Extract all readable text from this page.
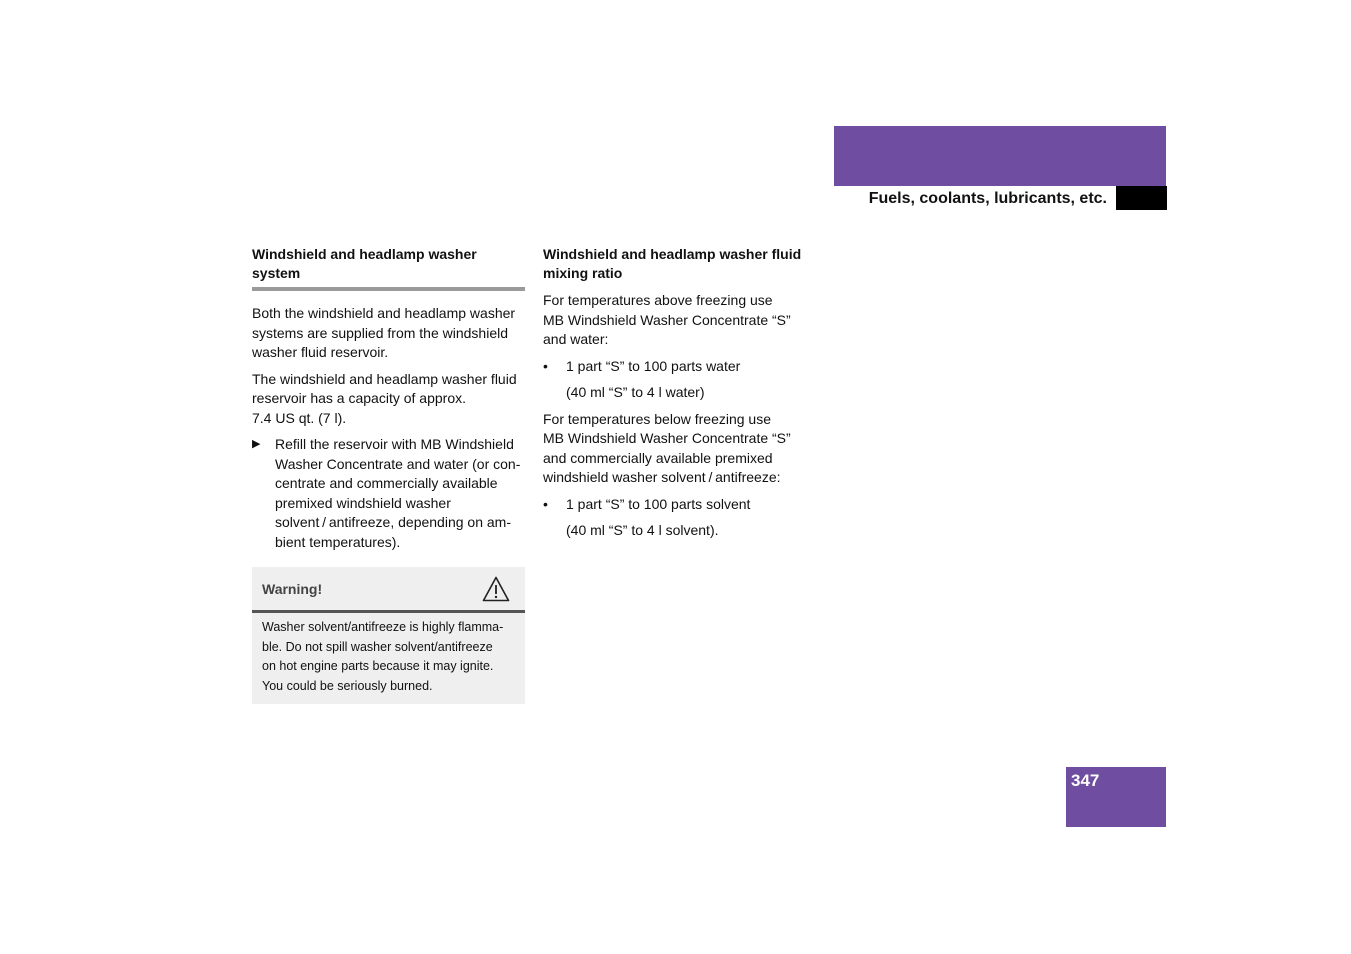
Technical data
Fuels, coolants, lubricants, etc.
Windshield and headlamp washer
system

Both the windshield and headlamp washer
systems are supplied from the windshield
washer fluid reservoir.

The windshield and headlamp washer fluid
reservoir has a capacity of approx.
7.4 US qt. (7 l).

▶ Refill the reservoir with MB Windshield
Washer Concentrate and water (or con-
centrate and commercially available
premixed windshield washer
solvent / antifreeze, depending on am-
bient temperatures).
Warning!
Washer solvent/antifreeze is highly flamma-
ble. Do not spill washer solvent/antifreeze
on hot engine parts because it may ignite.
You could be seriously burned.
Windshield and headlamp washer fluid
mixing ratio

For temperatures above freezing use
MB Windshield Washer Concentrate “S”
and water:

• 1 part “S” to 100 parts water
(40 ml “S” to 4 l water)

For temperatures below freezing use
MB Windshield Washer Concentrate “S”
and commercially available premixed
windshield washer solvent / antifreeze:

• 1 part “S” to 100 parts solvent
(40 ml “S” to 4 l solvent).
347
